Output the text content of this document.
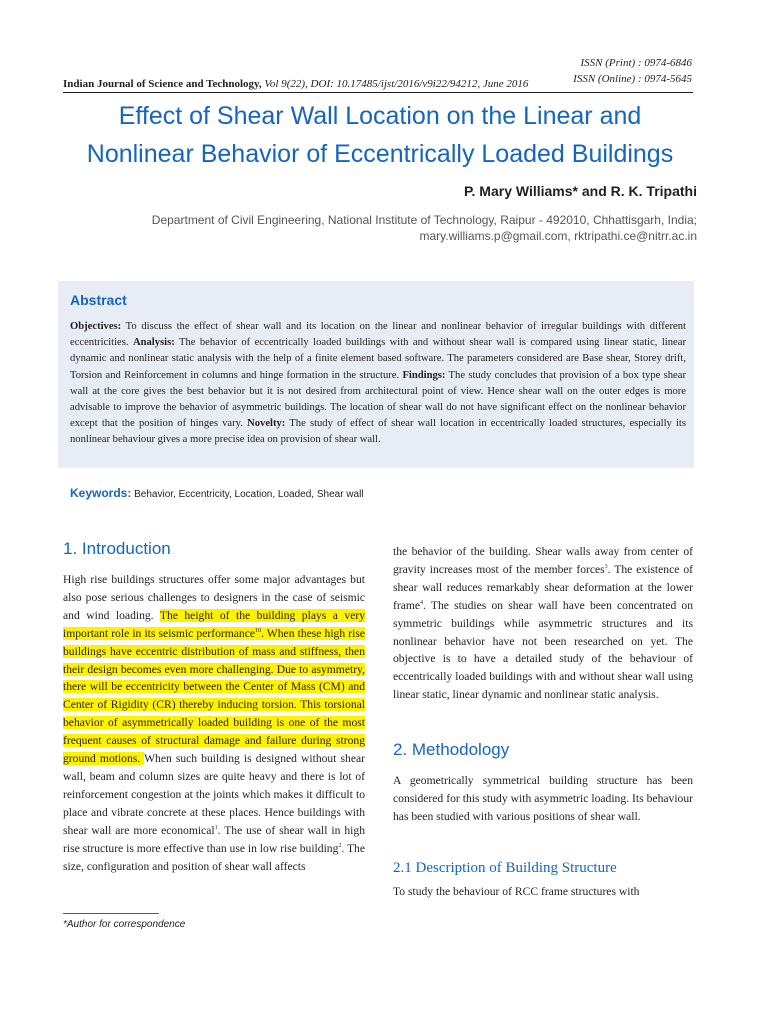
Indian Journal of Science and Technology, Vol 9(22), DOI: 10.17485/ijst/2016/v9i22/94212, June 2016
ISSN (Print) : 0974-6846
ISSN (Online) : 0974-5645
Effect of Shear Wall Location on the Linear and
Nonlinear Behavior of Eccentrically Loaded Buildings
P. Mary Williams* and R. K. Tripathi
Department of Civil Engineering, National Institute of Technology, Raipur - 492010, Chhattisgarh, India;
mary.williams.p@gmail.com, rktripathi.ce@nitrr.ac.in
Abstract
Objectives: To discuss the effect of shear wall and its location on the linear and nonlinear behavior of irregular buildings with different eccentricities. Analysis: The behavior of eccentrically loaded buildings with and without shear wall is compared using linear static, linear dynamic and nonlinear static analysis with the help of a finite element based software. The parameters considered are Base shear, Storey drift, Torsion and Reinforcement in columns and hinge formation in the structure. Findings: The study concludes that provision of a box type shear wall at the core gives the best behavior but it is not desired from architectural point of view. Hence shear wall on the outer edges is more advisable to improve the behavior of asymmetric buildings. The location of shear wall do not have significant effect on the nonlinear behavior except that the position of hinges vary. Novelty: The study of effect of shear wall location in eccentrically loaded structures, especially its nonlinear behaviour gives a more precise idea on provision of shear wall.
Keywords: Behavior, Eccentricity, Location, Loaded, Shear wall
1. Introduction
High rise buildings structures offer some major advantages but also pose serious challenges to designers in the case of seismic and wind loading. The height of the building plays a very important role in its seismic performance$^{10}$. When these high rise buildings have eccentric distribution of mass and stiffness, then their design becomes even more challenging. Due to asymmetry, there will be eccentricity between the Center of Mass (CM) and Center of Rigidity (CR) thereby inducing torsion. This torsional behavior of asymmetrically loaded building is one of the most frequent causes of structural damage and failure during strong ground motions. When such building is designed without shear wall, beam and column sizes are quite heavy and there is lot of reinforcement congestion at the joints which makes it difficult to place and vibrate concrete at these places. Hence buildings with shear wall are more economical$^1$. The use of shear wall in high rise structure is more effective than use in low rise building$^2$. The size, configuration and position of shear wall affects
the behavior of the building. Shear walls away from center of gravity increases most of the member forces$^3$. The existence of shear wall reduces remarkably shear deformation at the lower frame$^4$. The studies on shear wall have been concentrated on symmetric buildings while asymmetric structures and its nonlinear behavior have not been researched on yet. The objective is to have a detailed study of the behaviour of eccentrically loaded buildings with and without shear wall using linear static, linear dynamic and nonlinear static analysis.
2. Methodology
A geometrically symmetrical building structure has been considered for this study with asymmetric loading. Its behaviour has been studied with various positions of shear wall.
2.1 Description of Building Structure
To study the behaviour of RCC frame structures with
*Author for correspondence
